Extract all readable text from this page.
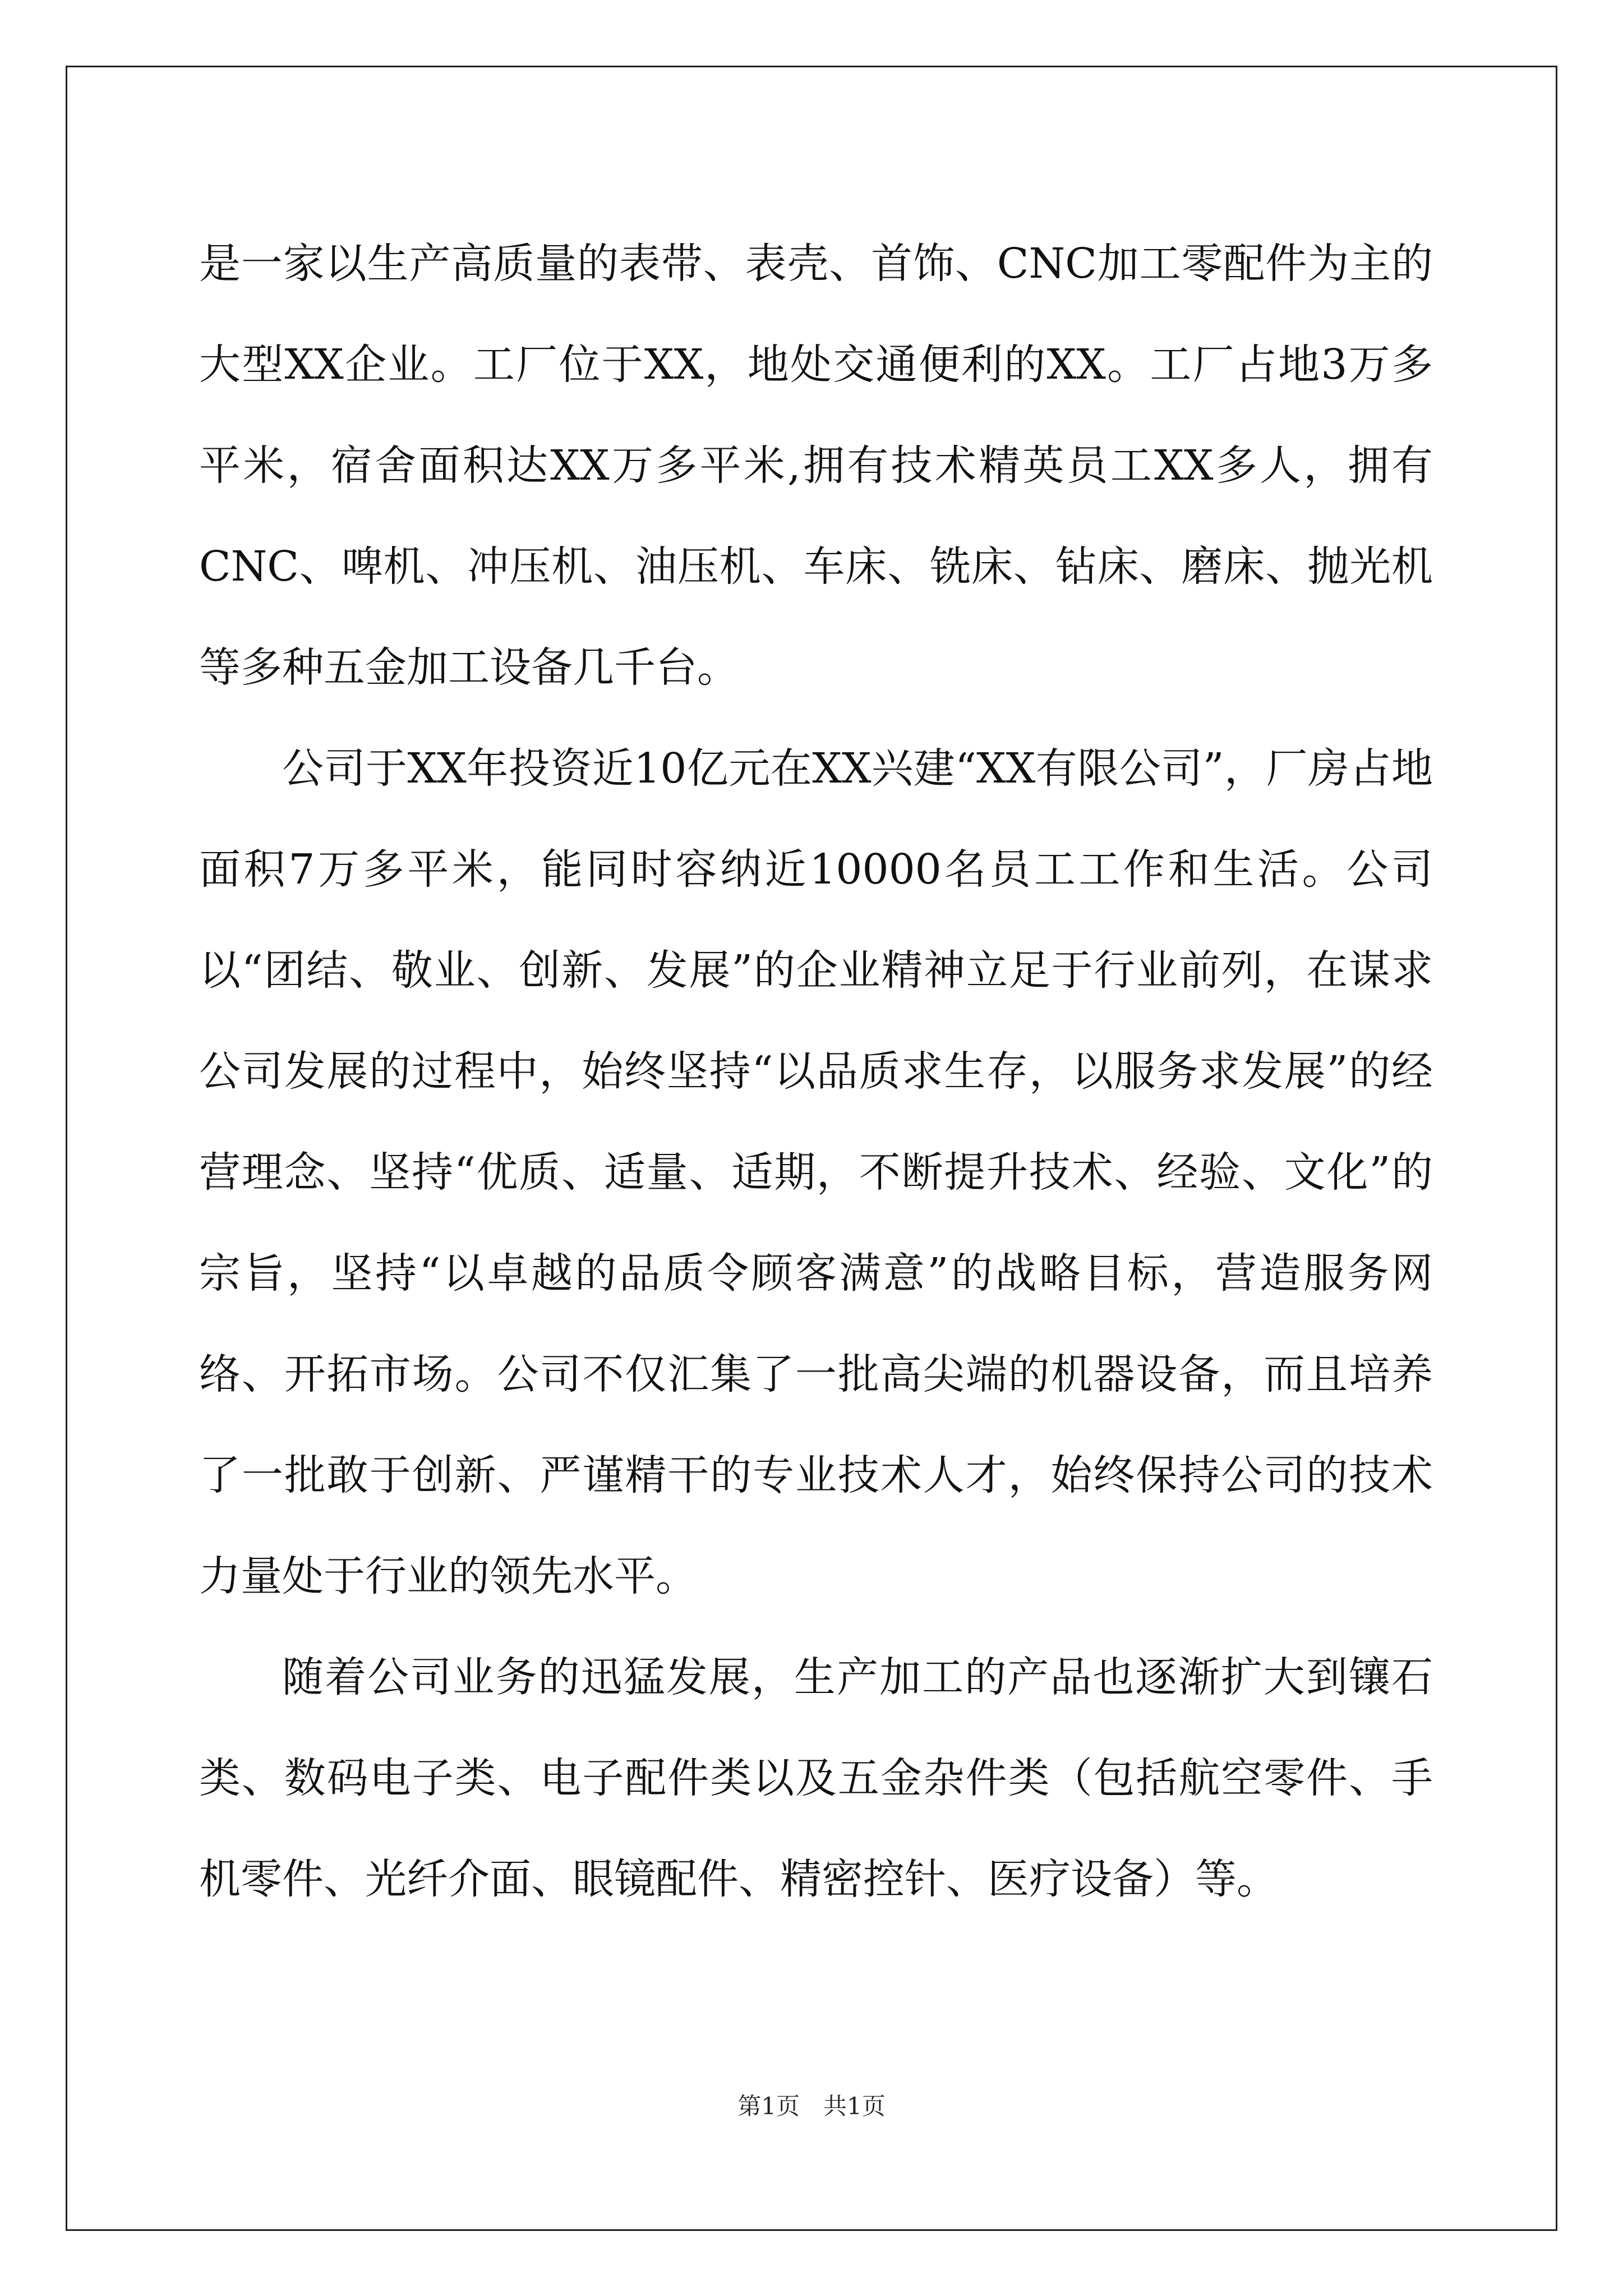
是一家以生产高质量的表带、表壳、首饰、CNC加工零配件为主的大型XX企业。工厂位于XX，地处交通便利的XX。工厂占地3万多平米，宿舍面积达XX万多平米,拥有技术精英员工XX多人，拥有CNC、啤机、冲压机、油压机、车床、铣床、钻床、磨床、抛光机等多种五金加工设备几千台。

公司于XX年投资近10亿元在XX兴建“XX有限公司”，厂房占地面积7万多平米，能同时容纳近10000名员工工作和生活。公司以“团结、敬业、创新、发展”的企业精神立足于行业前列，在谋求公司发展的过程中，始终坚持“以品质求生存，以服务求发展”的经营理念、坚持“优质、适量、适期，不断提升技术、经验、文化”的宗旨，坚持“以卓越的品质令顾客满意”的战略目标，营造服务网络、开拓市场。公司不仅汇集了一批高尖端的机器设备，而且培养了一批敢于创新、严谨精干的专业技术人才，始终保持公司的技术力量处于行业的领先水平。

随着公司业务的迅猛发展，生产加工的产品也逐渐扩大到镶石类、数码电子类、电子配件类以及五金杂件类（包括航空零件、手机零件、光纤介面、眼镜配件、精密控针、医疗设备）等。

第1页　共1页
